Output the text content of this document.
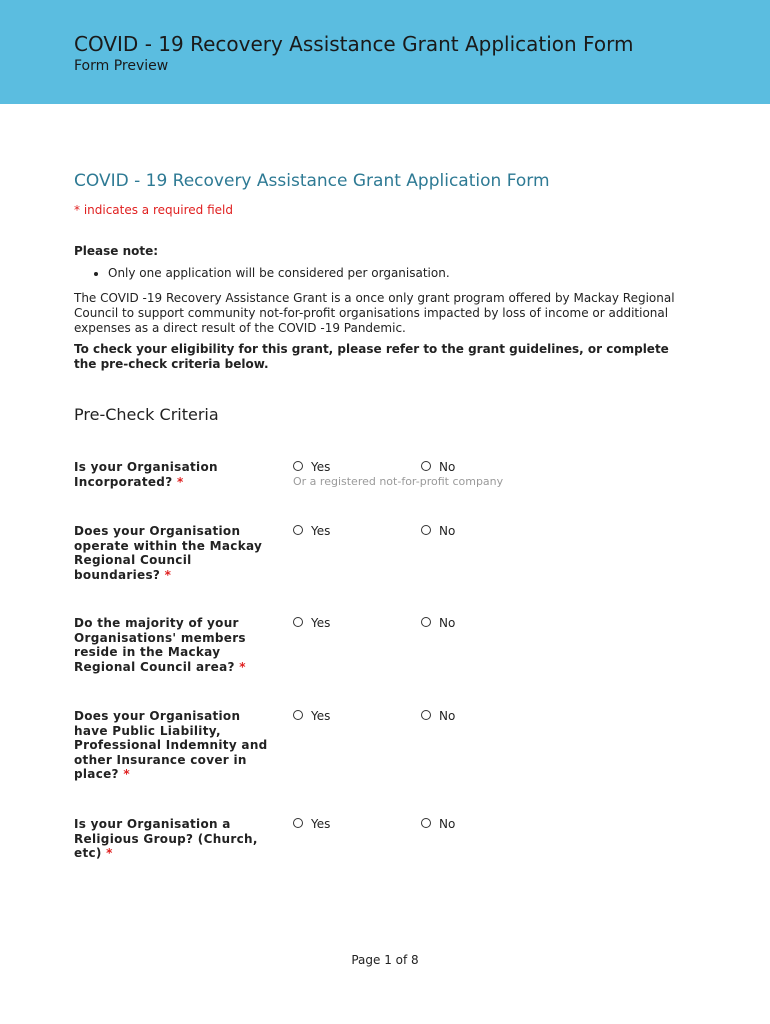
COVID - 19 Recovery Assistance Grant Application Form
Form Preview
COVID - 19 Recovery Assistance Grant Application Form
* indicates a required field
Please note:
• Only one application will be considered per organisation.

The COVID -19 Recovery Assistance Grant is a once only grant program offered by Mackay Regional Council to support community not-for-profit organisations impacted by loss of income or additional expenses as a direct result of the COVID -19 Pandemic.

To check your eligibility for this grant, please refer to the grant guidelines, or complete the pre-check criteria below.

Pre-Check Criteria
Is your Organisation Incorporated? *
Yes	No
Or a registered not-for-profit company
Does your Organisation operate within the Mackay Regional Council boundaries? *
Yes	No
Do the majority of your Organisations' members reside in the Mackay Regional Council area? *
Yes	No
Does your Organisation have Public Liability, Professional Indemnity and other Insurance cover in place? *
Yes	No
Is your Organisation a Religious Group? (Church, etc) *
Yes	No
Page 1 of 8
